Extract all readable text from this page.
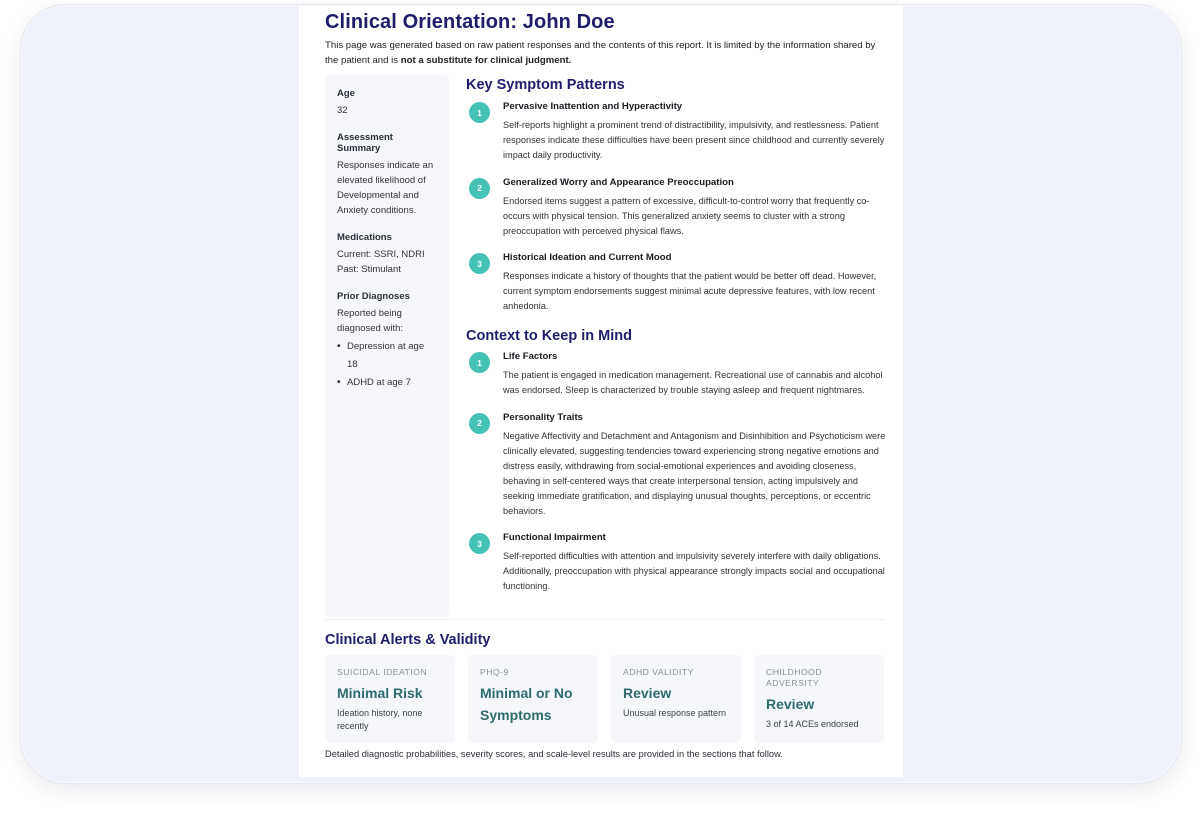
Clinical Orientation: John Doe
This page was generated based on raw patient responses and the contents of this report. It is limited by the information shared by the patient and is not a substitute for clinical judgment.
Age
32
Assessment Summary
Responses indicate an elevated likelihood of Developmental and Anxiety conditions.
Medications
Current: SSRI, NDRI
Past: Stimulant
Prior Diagnoses
Reported being diagnosed with:
• Depression at age 18
• ADHD at age 7
Key Symptom Patterns
1
Pervasive Inattention and Hyperactivity
Self-reports highlight a prominent trend of distractibility, impulsivity, and restlessness. Patient responses indicate these difficulties have been present since childhood and currently severely impact daily productivity.
2
Generalized Worry and Appearance Preoccupation
Endorsed items suggest a pattern of excessive, difficult-to-control worry that frequently co-occurs with physical tension. This generalized anxiety seems to cluster with a strong preoccupation with perceived physical flaws.
3
Historical Ideation and Current Mood
Responses indicate a history of thoughts that the patient would be better off dead. However, current symptom endorsements suggest minimal acute depressive features, with low recent anhedonia.
Context to Keep in Mind
1
Life Factors
The patient is engaged in medication management. Recreational use of cannabis and alcohol was endorsed. Sleep is characterized by trouble staying asleep and frequent nightmares.
2
Personality Traits
Negative Affectivity and Detachment and Antagonism and Disinhibition and Psychoticism were clinically elevated, suggesting tendencies toward experiencing strong negative emotions and distress easily, withdrawing from social-emotional experiences and avoiding closeness, behaving in self-centered ways that create interpersonal tension, acting impulsively and seeking immediate gratification, and displaying unusual thoughts, perceptions, or eccentric behaviors.
3
Functional Impairment
Self-reported difficulties with attention and impulsivity severely interfere with daily obligations. Additionally, preoccupation with physical appearance strongly impacts social and occupational functioning.
Clinical Alerts & Validity
SUICIDAL IDEATION
Minimal Risk
Ideation history, none recently
PHQ-9
Minimal or No Symptoms
ADHD VALIDITY
Review
Unusual response pattern
CHILDHOOD ADVERSITY
Review
3 of 14 ACEs endorsed
Detailed diagnostic probabilities, severity scores, and scale-level results are provided in the sections that follow.
